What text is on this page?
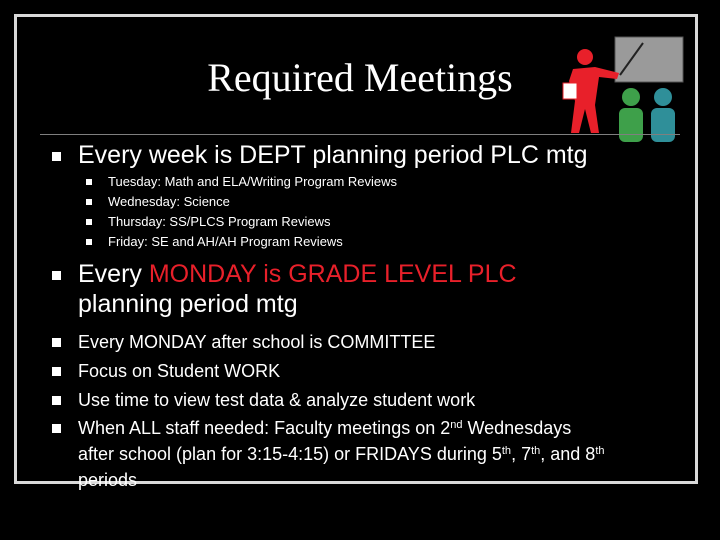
Required Meetings
Every week is DEPT planning period PLC mtg
Tuesday: Math and ELA/Writing Program Reviews
Wednesday: Science
Thursday: SS/PLCS Program Reviews
Friday: SE and AH/AH Program Reviews
Every MONDAY is GRADE LEVEL PLC
planning period mtg
Every MONDAY after school is COMMITTEE
Focus on Student WORK
Use time to view test data & analyze student work
When ALL staff needed: Faculty meetings on 2nd Wednesdays
after school (plan for 3:15-4:15) or FRIDAYS during 5th, 7th, and 8th
periods
